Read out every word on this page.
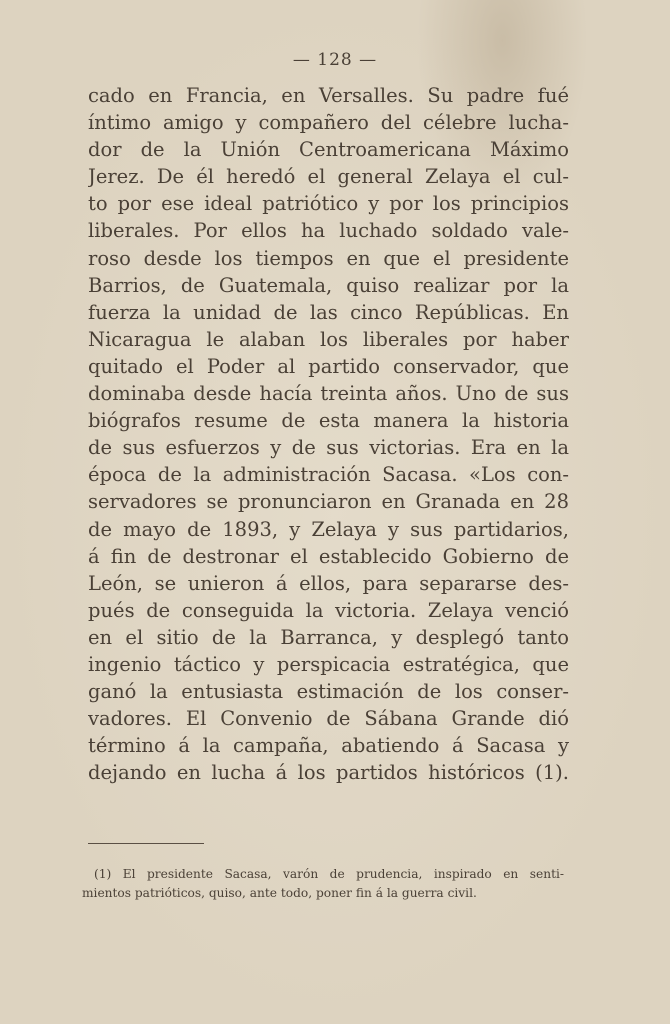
— 128 —
cado en Francia, en Versalles. Su padre fué
íntimo amigo y compañero del célebre lucha-
dor de la Unión Centroamericana Máximo
Jerez. De él heredó el general Zelaya el cul-
to por ese ideal patriótico y por los principios
liberales. Por ellos ha luchado soldado vale-
roso desde los tiempos en que el presidente
Barrios, de Guatemala, quiso realizar por la
fuerza la unidad de las cinco Repúblicas. En
Nicaragua le alaban los liberales por haber
quitado el Poder al partido conservador, que
dominaba desde hacía treinta años. Uno de sus
biógrafos resume de esta manera la historia
de sus esfuerzos y de sus victorias. Era en la
época de la administración Sacasa. «Los con-
servadores se pronunciaron en Granada en 28
de mayo de 1893, y Zelaya y sus partidarios,
á fin de destronar el establecido Gobierno de
León, se unieron á ellos, para separarse des-
pués de conseguida la victoria. Zelaya venció
en el sitio de la Barranca, y desplegó tanto
ingenio táctico y perspicacia estratégica, que
ganó la entusiasta estimación de los conser-
vadores. El Convenio de Sábana Grande dió
término á la campaña, abatiendo á Sacasa y
dejando en lucha á los partidos históricos (1).
(1) El presidente Sacasa, varón de prudencia, inspirado en senti-
mientos patrióticos, quiso, ante todo, poner fin á la guerra civil.
